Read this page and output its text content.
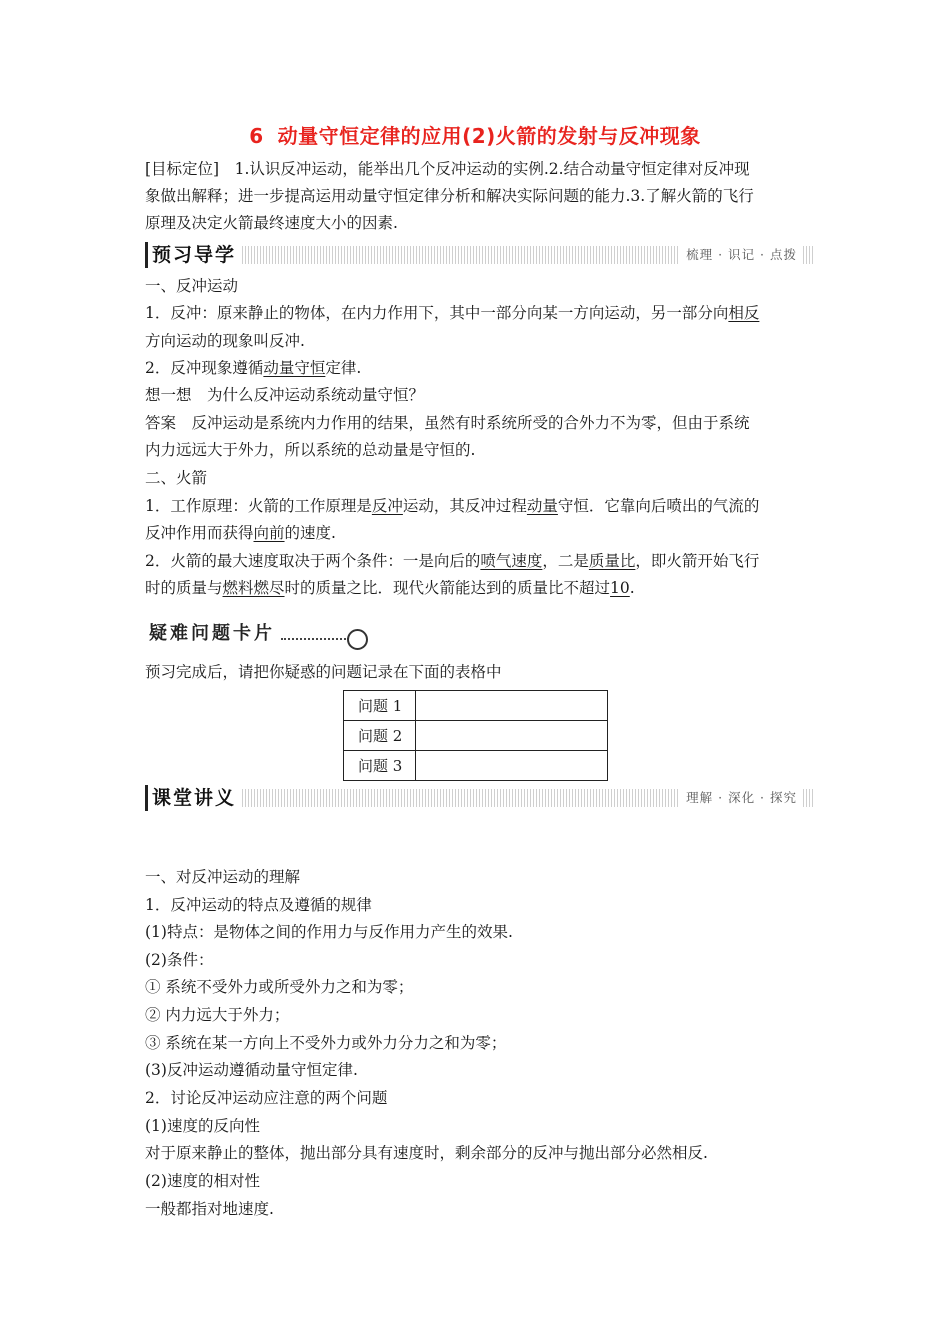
6 动量守恒定律的应用(2)火箭的发射与反冲现象
[目标定位]　1.认识反冲运动，能举出几个反冲运动的实例.2.结合动量守恒定律对反冲现
象做出解释；进一步提高运用动量守恒定律分析和解决实际问题的能力.3.了解火箭的飞行
原理及决定火箭最终速度大小的因素.
预习导学	梳理 · 识记 · 点拨
一、反冲运动
1．反冲：原来静止的物体，在内力作用下，其中一部分向某一方向运动，另一部分向相反
方向运动的现象叫反冲.
2．反冲现象遵循动量守恒定律.
想一想　为什么反冲运动系统动量守恒？
答案　反冲运动是系统内力作用的结果，虽然有时系统所受的合外力不为零，但由于系统
内力远远大于外力，所以系统的总动量是守恒的.
二、火箭
1．工作原理：火箭的工作原理是反冲运动，其反冲过程动量守恒．它靠向后喷出的气流的
反冲作用而获得向前的速度.
2．火箭的最大速度取决于两个条件：一是向后的喷气速度，二是质量比，即火箭开始飞行
时的质量与燃料燃尽时的质量之比．现代火箭能达到的质量比不超过10.
疑难问题卡片
预习完成后，请把你疑惑的问题记录在下面的表格中
问题 1	
问题 2	
问题 3	
课堂讲义	理解 · 深化 · 探究
一、对反冲运动的理解
1．反冲运动的特点及遵循的规律
(1)特点：是物体之间的作用力与反作用力产生的效果.
(2)条件：
① 系统不受外力或所受外力之和为零；
② 内力远大于外力；
③ 系统在某一方向上不受外力或外力分力之和为零；
(3)反冲运动遵循动量守恒定律.
2．讨论反冲运动应注意的两个问题
(1)速度的反向性
对于原来静止的整体，抛出部分具有速度时，剩余部分的反冲与抛出部分必然相反.
(2)速度的相对性
一般都指对地速度.
